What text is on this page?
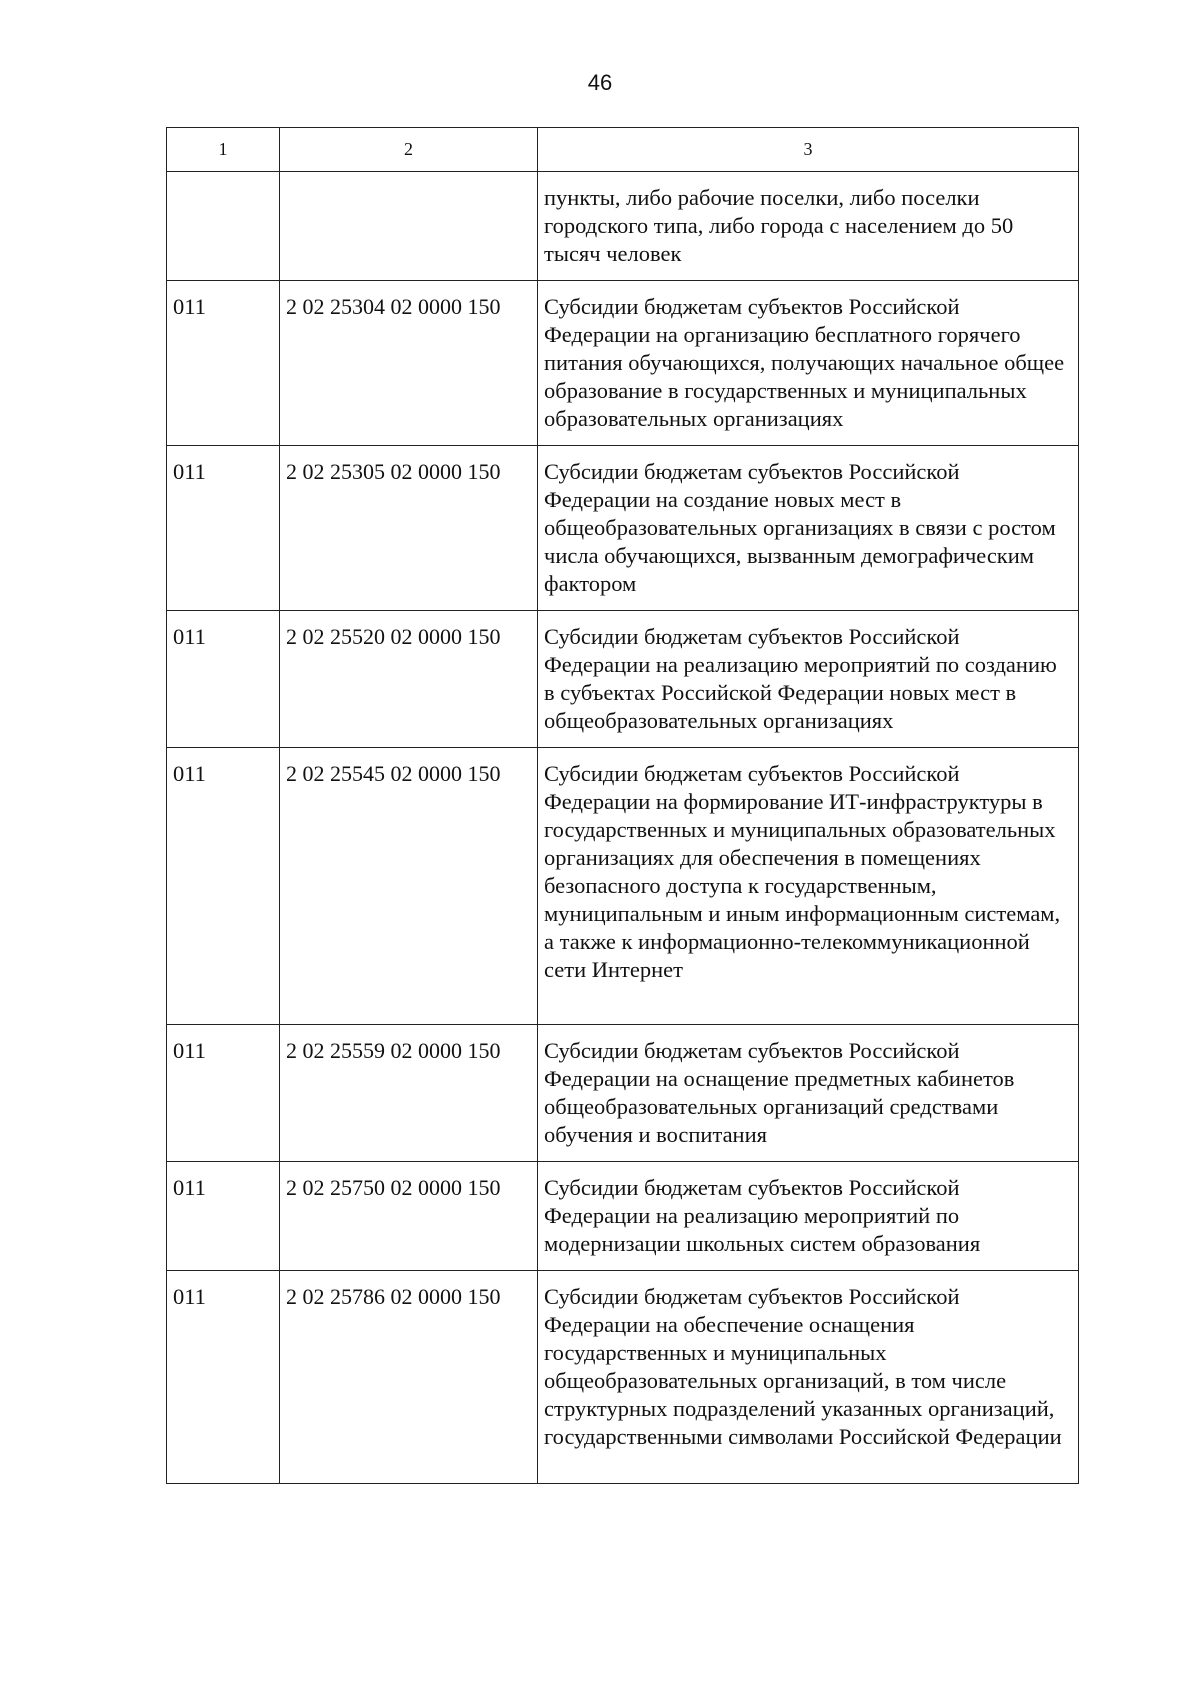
46
1	2	3
		пункты, либо рабочие поселки, либо поселки городского типа, либо города с населением до 50 тысяч человек
011	2 02 25304 02 0000 150	Субсидии бюджетам субъектов Российской Федерации на организацию бесплатного горячего питания обучающихся, получающих начальное общее образование в государственных и муниципальных образовательных организациях
011	2 02 25305 02 0000 150	Субсидии бюджетам субъектов Российской Федерации на создание новых мест в общеобразовательных организациях в связи с ростом числа обучающихся, вызванным демографическим фактором
011	2 02 25520 02 0000 150	Субсидии бюджетам субъектов Российской Федерации на реализацию мероприятий по созданию в субъектах Российской Федерации новых мест в общеобразовательных организациях
011	2 02 25545 02 0000 150	Субсидии бюджетам субъектов Российской Федерации на формирование ИТ-инфраструктуры в государственных и муниципальных образовательных организациях для обеспечения в помещениях безопасного доступа к государственным, муниципальным и иным информационным системам, а также к информационно-телекоммуникационной сети Интернет
011	2 02 25559 02 0000 150	Субсидии бюджетам субъектов Российской Федерации на оснащение предметных кабинетов общеобразовательных организаций средствами обучения и воспитания
011	2 02 25750 02 0000 150	Субсидии бюджетам субъектов Российской Федерации на реализацию мероприятий по модернизации школьных систем образования
011	2 02 25786 02 0000 150	Субсидии бюджетам субъектов Российской Федерации на обеспечение оснащения государственных и муниципальных общеобразовательных организаций, в том числе структурных подразделений указанных организаций, государственными символами Российской Федерации
